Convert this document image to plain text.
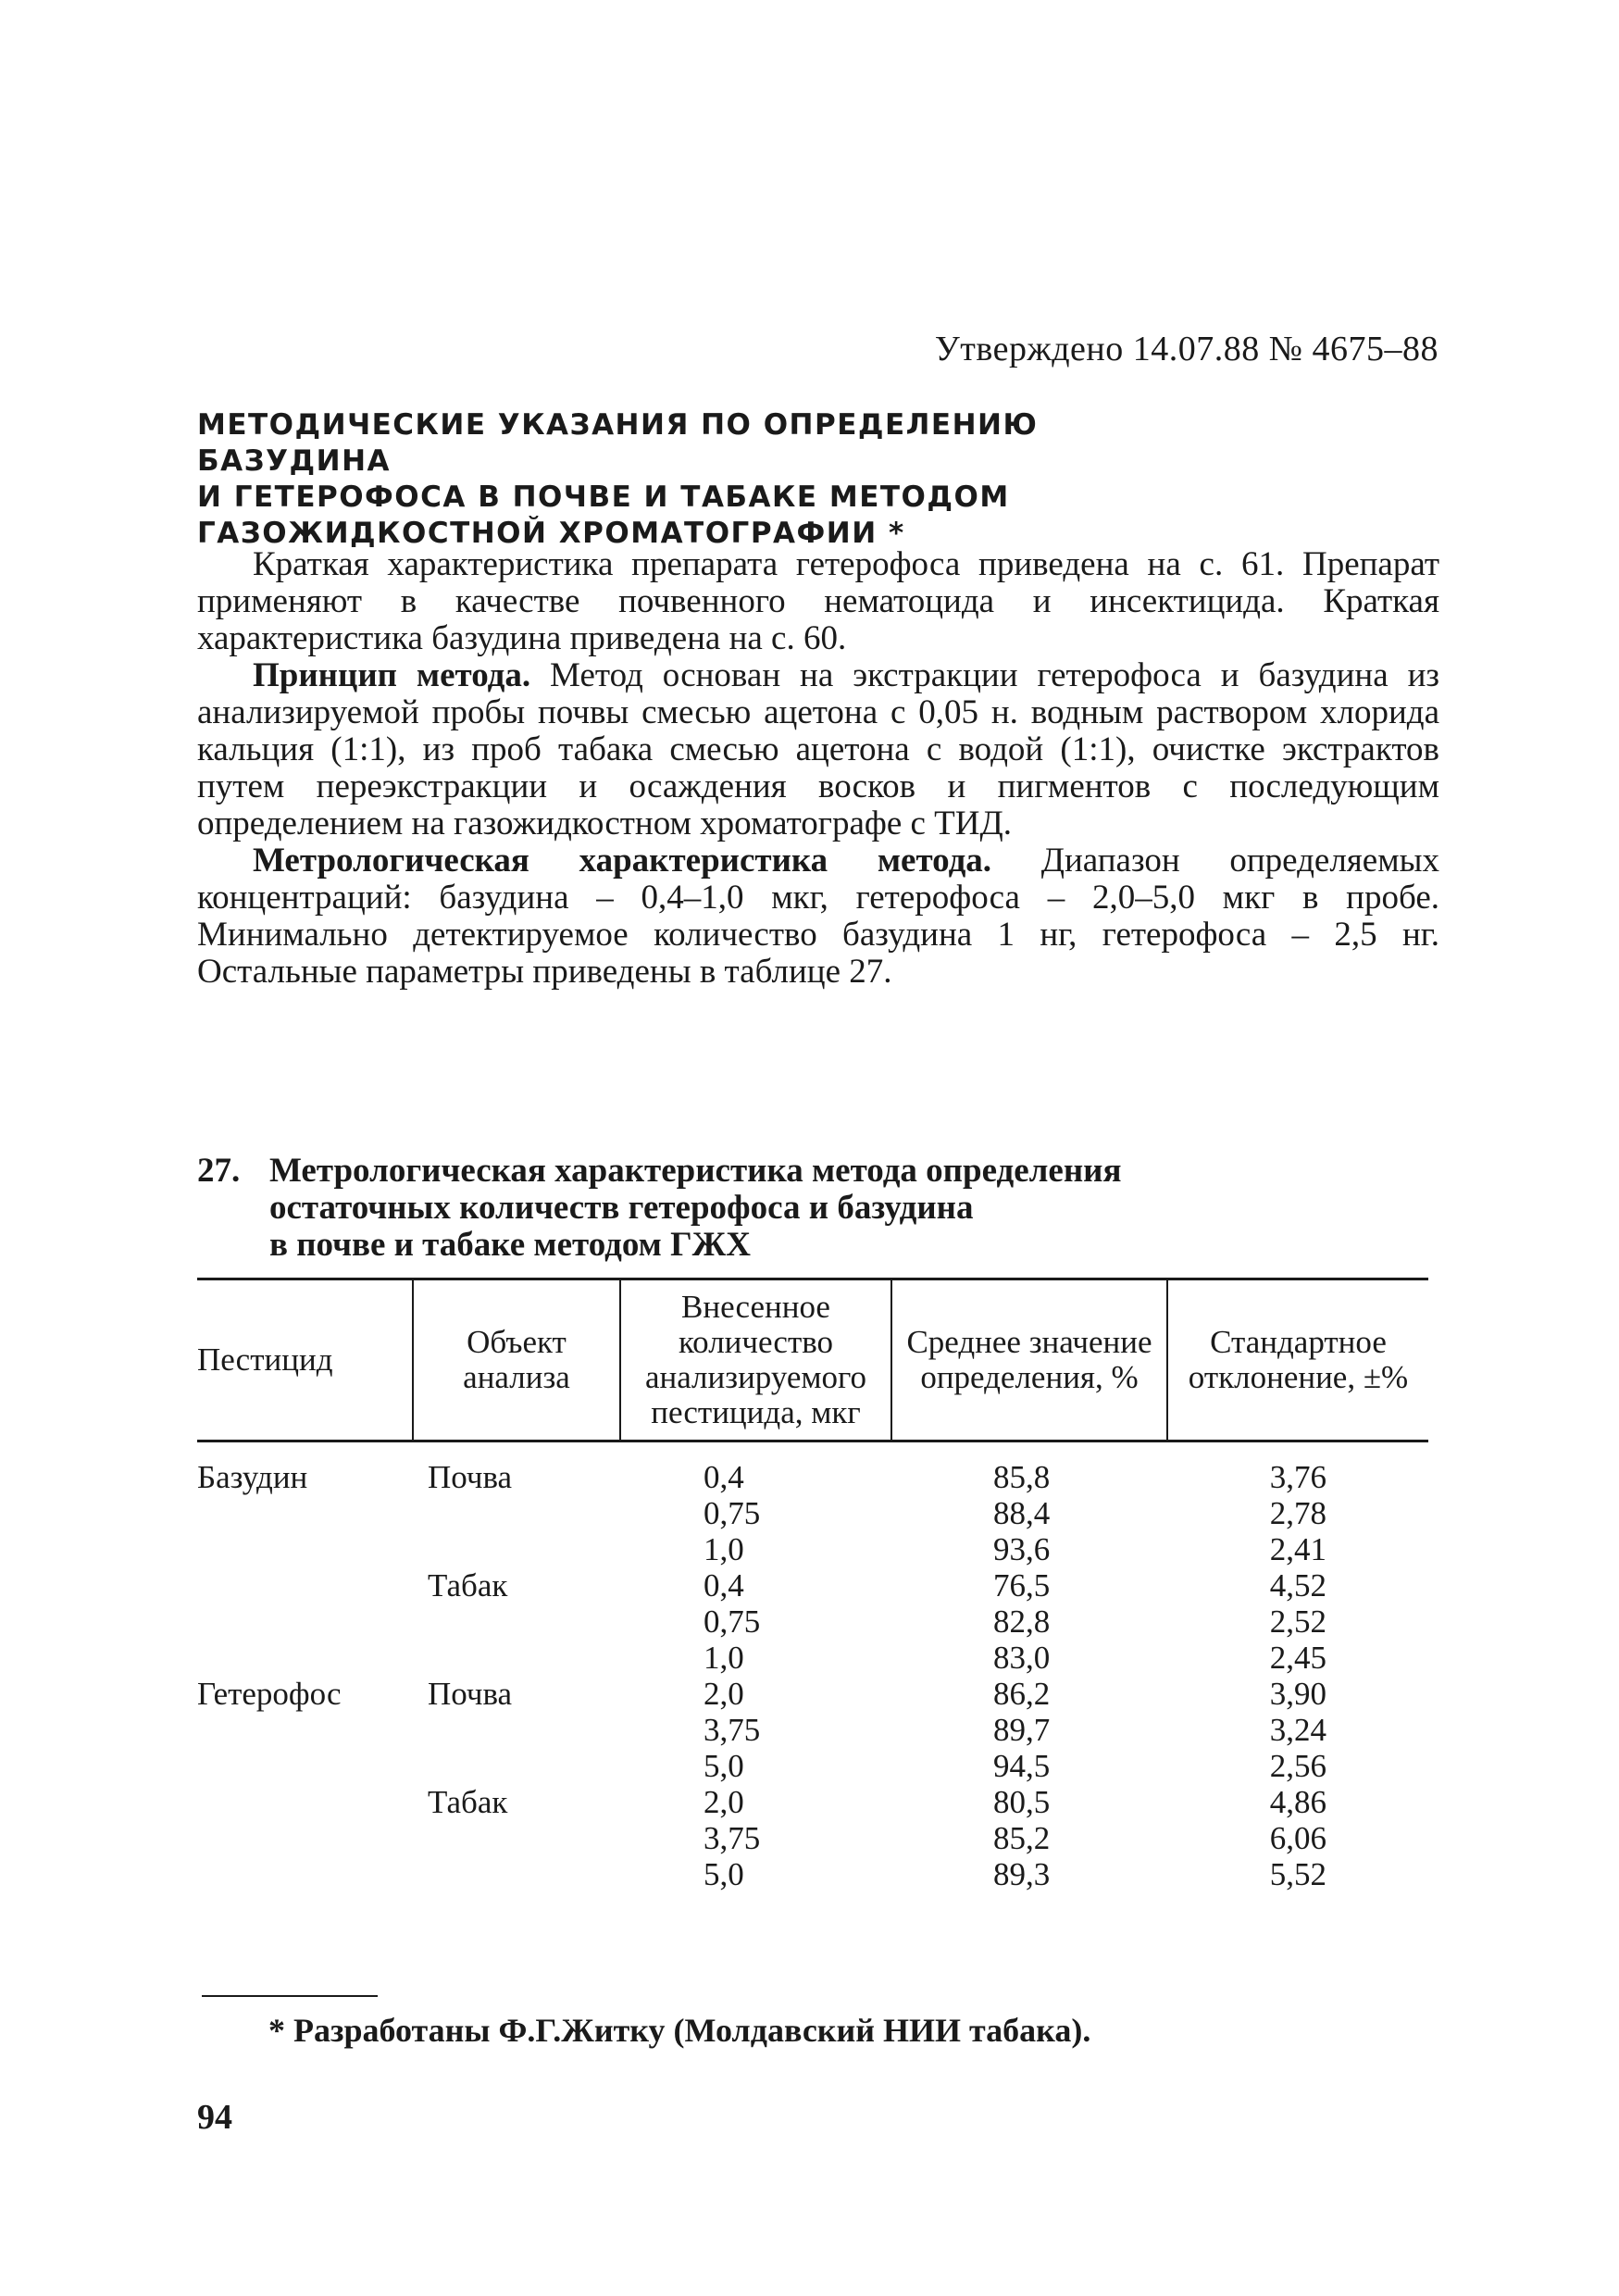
Утверждено 14.07.88 № 4675–88
МЕТОДИЧЕСКИЕ УКАЗАНИЯ ПО ОПРЕДЕЛЕНИЮ БАЗУДИНА
И ГЕТЕРОФОСА В ПОЧВЕ И ТАБАКЕ МЕТОДОМ
ГАЗОЖИДКОСТНОЙ ХРОМАТОГРАФИИ *

Краткая характеристика препарата гетерофоса приведена на с. 61. Препарат применяют в качестве почвенного нематоцида и инсектицида. Краткая характеристика базудина приведена на с. 60.

Принцип метода. Метод основан на экстракции гетерофоса и базудина из анализируемой пробы почвы смесью ацетона с 0,05 н. водным раствором хлорида кальция (1:1), из проб табака смесью ацетона с водой (1:1), очистке экстрактов путем переэкстракции и осаждения восков и пигментов с последующим определением на газожидкостном хроматографе с ТИД.

Метрологическая характеристика метода. Диапазон определяемых концентраций: базудина – 0,4–1,0 мкг, гетерофоса – 2,0–5,0 мкг в пробе. Минимально детектируемое количество базудина 1 нг, гетерофоса – 2,5 нг. Остальные параметры приведены в таблице 27.

27. Метрологическая характеристика метода определения
остаточных количеств гетерофоса и базудина
в почве и табаке методом ГЖХ
Пестицид	Объект анализа	Внесенное количество анализируемого пестицида, мкг	Среднее значение определения, %	Стандартное отклонение, ±%
Базудин	Почва	0,4	85,8	3,76
		0,75	88,4	2,78
		1,0	93,6	2,41
	Табак	0,4	76,5	4,52
		0,75	82,8	2,52
		1,0	83,0	2,45
Гетерофос	Почва	2,0	86,2	3,90
		3,75	89,7	3,24
		5,0	94,5	2,56
	Табак	2,0	80,5	4,86
		3,75	85,2	6,06
		5,0	89,3	5,52
* Разработаны Ф.Г.Житку (Молдавский НИИ табака).
94
